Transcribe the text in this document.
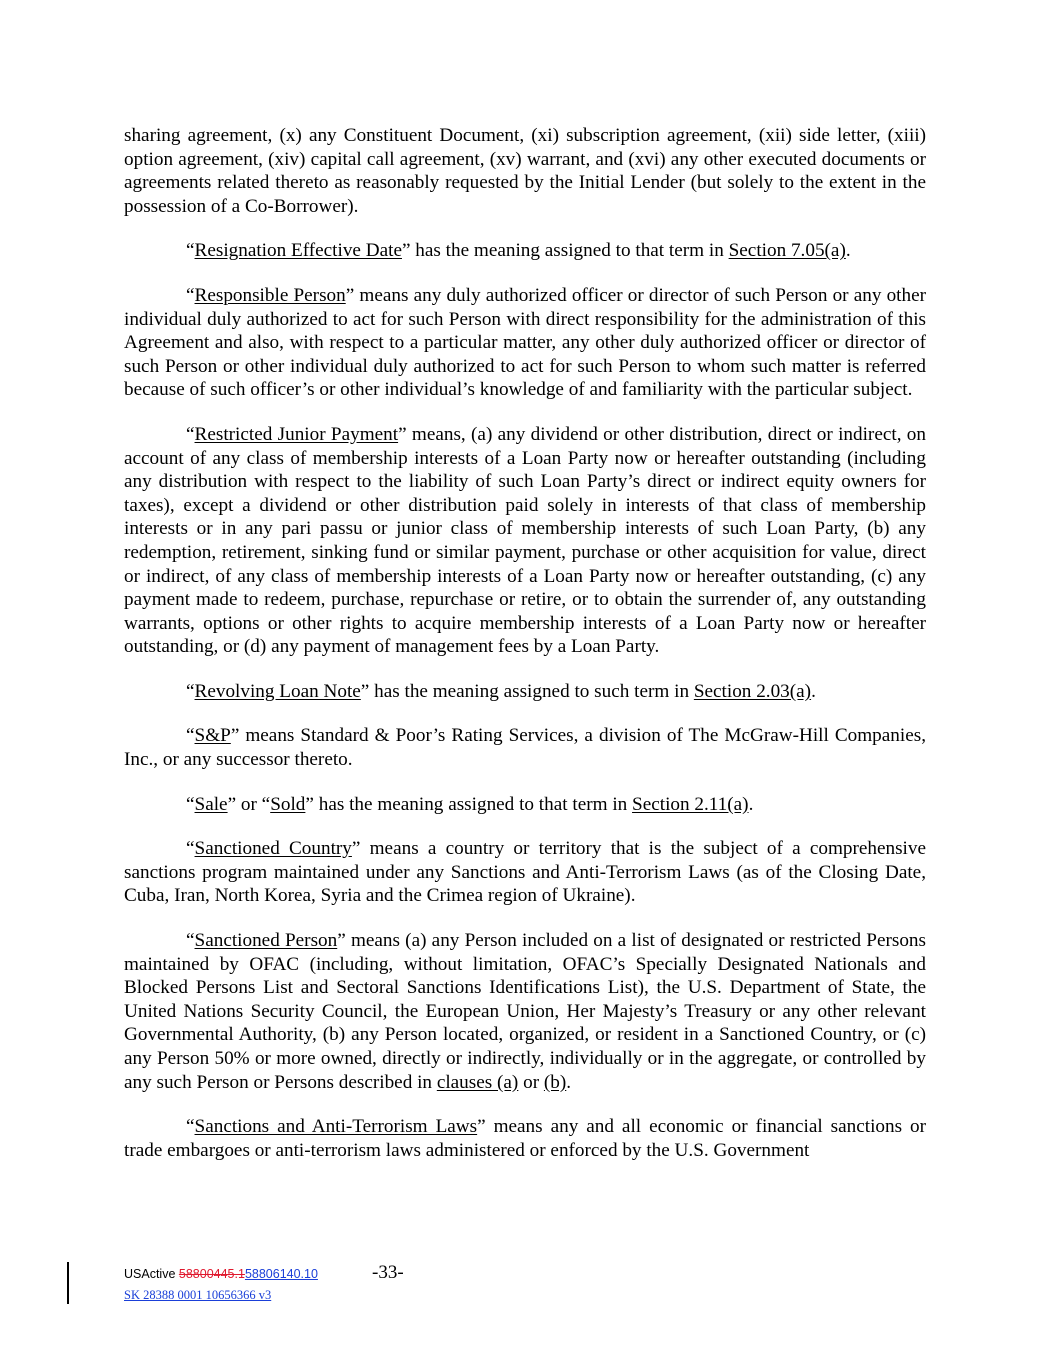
sharing agreement, (x) any Constituent Document, (xi) subscription agreement, (xii) side letter, (xiii) option agreement, (xiv) capital call agreement, (xv) warrant, and (xvi) any other executed documents or agreements related thereto as reasonably requested by the Initial Lender (but solely to the extent in the possession of a Co-Borrower).

“Resignation Effective Date” has the meaning assigned to that term in Section 7.05(a).

“Responsible Person” means any duly authorized officer or director of such Person or any other individual duly authorized to act for such Person with direct responsibility for the administration of this Agreement and also, with respect to a particular matter, any other duly authorized officer or director of such Person or other individual duly authorized to act for such Person to whom such matter is referred because of such officer’s or other individual’s knowledge of and familiarity with the particular subject.

“Restricted Junior Payment” means, (a) any dividend or other distribution, direct or indirect, on account of any class of membership interests of a Loan Party now or hereafter outstanding (including any distribution with respect to the liability of such Loan Party’s direct or indirect equity owners for taxes), except a dividend or other distribution paid solely in interests of that class of membership interests or in any pari passu or junior class of membership interests of such Loan Party, (b) any redemption, retirement, sinking fund or similar payment, purchase or other acquisition for value, direct or indirect, of any class of membership interests of a Loan Party now or hereafter outstanding, (c) any payment made to redeem, purchase, repurchase or retire, or to obtain the surrender of, any outstanding warrants, options or other rights to acquire membership interests of a Loan Party now or hereafter outstanding, or (d) any payment of management fees by a Loan Party.

“Revolving Loan Note” has the meaning assigned to such term in Section 2.03(a).

“S&P” means Standard & Poor’s Rating Services, a division of The McGraw-Hill Companies, Inc., or any successor thereto.

“Sale” or “Sold” has the meaning assigned to that term in Section 2.11(a).

“Sanctioned Country” means a country or territory that is the subject of a comprehensive sanctions program maintained under any Sanctions and Anti-Terrorism Laws (as of the Closing Date, Cuba, Iran, North Korea, Syria and the Crimea region of Ukraine).

“Sanctioned Person” means (a) any Person included on a list of designated or restricted Persons maintained by OFAC (including, without limitation, OFAC’s Specially Designated Nationals and Blocked Persons List and Sectoral Sanctions Identifications List), the U.S. Department of State, the United Nations Security Council, the European Union, Her Majesty’s Treasury or any other relevant Governmental Authority, (b) any Person located, organized, or resident in a Sanctioned Country, or (c) any Person 50% or more owned, directly or indirectly, individually or in the aggregate, or controlled by any such Person or Persons described in clauses (a) or (b).

“Sanctions and Anti-Terrorism Laws” means any and all economic or financial sanctions or trade embargoes or anti-terrorism laws administered or enforced by the U.S. Government

USActive 58800445.158806140.10	-33-
SK 28388 0001 10656366 v3
